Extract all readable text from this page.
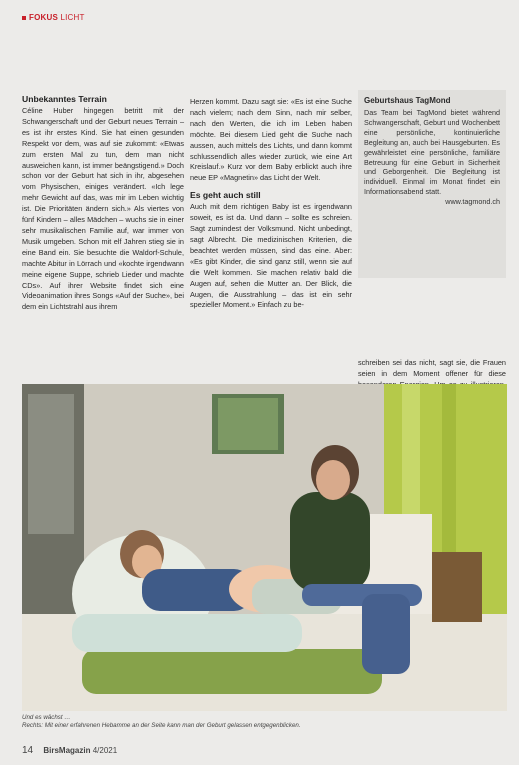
FOKUS LICHT
Unbekanntes Terrain

Céline Huber hingegen betritt mit der Schwangerschaft und der Geburt neues Terrain – es ist ihr erstes Kind. Sie hat einen gesunden Respekt vor dem, was auf sie zukommt: «Etwas zum ersten Mal zu tun, dem man nicht ausweichen kann, ist immer beängstigend.» Doch schon vor der Geburt hat sich in ihr, abgesehen vom Physischen, einiges verändert. «Ich lege mehr Gewicht auf das, was mir im Leben wichtig ist. Die Prioritäten ändern sich.» Als viertes von fünf Kindern – alles Mädchen – wuchs sie in einer sehr musikalischen Familie auf, war immer von Musik umgeben. Schon mit elf Jahren stieg sie in eine Band ein. Sie besuchte die Waldorf-Schule, machte Abitur in Lörrach und «kochte irgendwann meine eigene Suppe, schrieb Lieder und machte CDs». Auf ihrer Website findet sich eine Videoanimation ihres Songs «Auf der Suche», bei dem ein Lichtstrahl aus ihrem

Herzen kommt. Dazu sagt sie: «Es ist eine Suche nach vielem; nach dem Sinn, nach mir selber, nach den Werten, die ich im Leben haben möchte. Bei diesem Lied geht die Suche nach aussen, auch mittels des Lichts, und dann kommt schlussendlich alles wieder zurück, wie eine Art Kreislauf.» Kurz vor dem Baby erblickt auch ihre neue EP «Magnetin» das Licht der Welt.

Es geht auch still

Auch mit dem richtigen Baby ist es irgendwann soweit, es ist da. Und dann – sollte es schreien. Sagt zumindest der Volksmund. Nicht unbedingt, sagt Albrecht. Die medizinischen Kriterien, die beachtet werden müssen, sind das eine. Aber: «Es gibt Kinder, die sind ganz still, wenn sie auf die Welt kommen. Sie machen relativ bald die Augen auf, sehen die Mutter an. Der Blick, die Augen, die Ausstrahlung – das ist ein sehr spezieller Moment.» Einfach zu be-

Geburtshaus TagMond
Das Team bei TagMond bietet während Schwangerschaft, Geburt und Wochenbett eine persönliche, kontinuierliche Begleitung an, auch bei Hausgeburten. Es gewährleistet eine persönliche, familiäre Betreuung für eine Geburt in Sicherheit und Geborgenheit. Die Begleitung ist individuell. Einmal im Monat findet ein Informationsabend statt.
www.tagmond.ch

schreiben sei das nicht, sagt sie, die Frauen seien in dem Moment offener für diese

Und es wächst …
Rechts: Mit einer erfahrenen Hebamme an der Seite kann man der Geburt gelassen entgegenblicken.
14 BirsMagazin 4/2021
